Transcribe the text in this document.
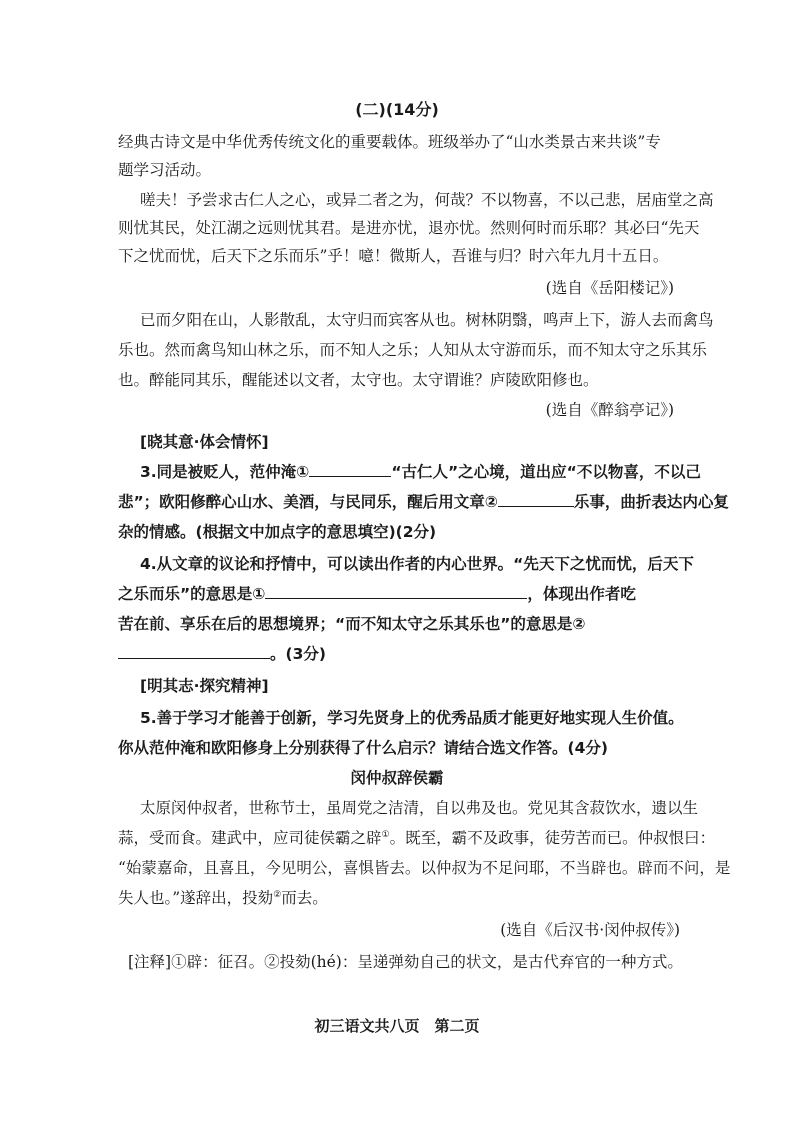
(二)(14分)
经典古诗文是中华优秀传统文化的重要载体。班级举办了“山水类景古来共谈”专
题学习活动。
嗟夫！予尝求古仁人之心，或异二者之为，何哉？不以物喜，不以己悲，居庙堂之高
则忧其民，处江湖之远则忧其君。是进亦忧，退亦忧。然则何时而乐耶？其必曰“先天
下之忧而忧，后天下之乐而乐”乎！噫！微斯人，吾谁与归？时六年九月十五日。
(选自《岳阳楼记》)
已而夕阳在山，人影散乱，太守归而宾客从也。树林阴翳，鸣声上下，游人去而禽鸟
乐也。然而禽鸟知山林之乐，而不知人之乐；人知从太守游而乐，而不知太守之乐其乐
也。醉能同其乐，醒能述以文者，太守也。太守谓谁？庐陵欧阳修也。
(选自《醉翁亭记》)
[晓其意·体会情怀]
3.同是被贬人，范仲淹①	“古仁人”之心境，道出应“不以物喜，不以己
悲”；欧阳修醉心山水、美酒，与民同乐，醒后用文章②	乐事，曲折表达内心复
杂的情感。(根据文中加点字的意思填空)(2分)
4.从文章的议论和抒情中，可以读出作者的内心世界。“先天下之忧而忧，后天下
之乐而乐”的意思是①	，体现出作者吃
苦在前、享乐在后的思想境界；“而不知太守之乐其乐也”的意思是②
。(3分)
[明其志·探究精神]
5.善于学习才能善于创新，学习先贤身上的优秀品质才能更好地实现人生价值。
你从范仲淹和欧阳修身上分别获得了什么启示？请结合选文作答。(4分)
闵仲叔辞侯霸
太原闵仲叔者，世称节士，虽周党之洁清，自以弗及也。党见其含菽饮水，遗以生
蒜，受而食。建武中，应司徒侯霸之辟①。既至，霸不及政事，徒劳苦而已。仲叔恨曰：
“始蒙嘉命，且喜且，今见明公，喜惧皆去。以仲叔为不足问耶，不当辟也。辟而不问，是
失人也。”遂辞出，投劾②而去。
(选自《后汉书·闵仲叔传》)
[注释]①辟：征召。②投劾(hé)：呈递弹劾自己的状文，是古代弃官的一种方式。
初三语文共八页　第二页
